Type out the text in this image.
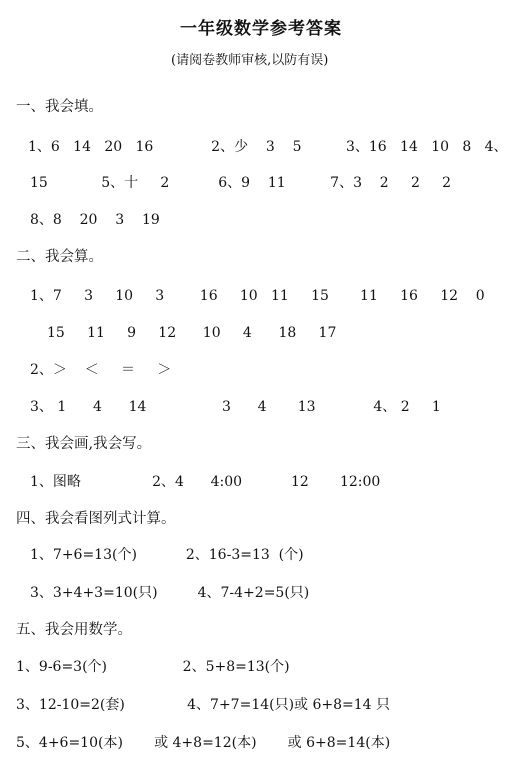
一年级数学参考答案
(请阅卷教师审核,以防有误)
一、我会填。
1、6   14   20   16             2、少    3    5          3、16   14   10   8   4、
15            5、十     2           6、9    11          7、3    2     2     2
8、8    20    3    19
二、我会算。
1、7     3     10     3        16     10   11     15       11     16     12    0
15     11     9     12      10     4      18     17
2、＞    ＜     ＝     ＞
3、 1      4      14                 3      4       13             4、 2     1
三、我会画,我会写。
1、图略                2、4      4:00           12       12:00
四、我会看图列式计算。
1、7+6=13(个)           2、16-3=13  (个)
3、3+4+3=10(只)         4、7-4+2=5(只)
五、我会用数学。
1、9-6=3(个)                 2、5+8=13(个)
3、12-10=2(套)              4、7+7=14(只)或 6+8=14 只
5、4+6=10(本)       或 4+8=12(本)       或 6+8=14(本)
